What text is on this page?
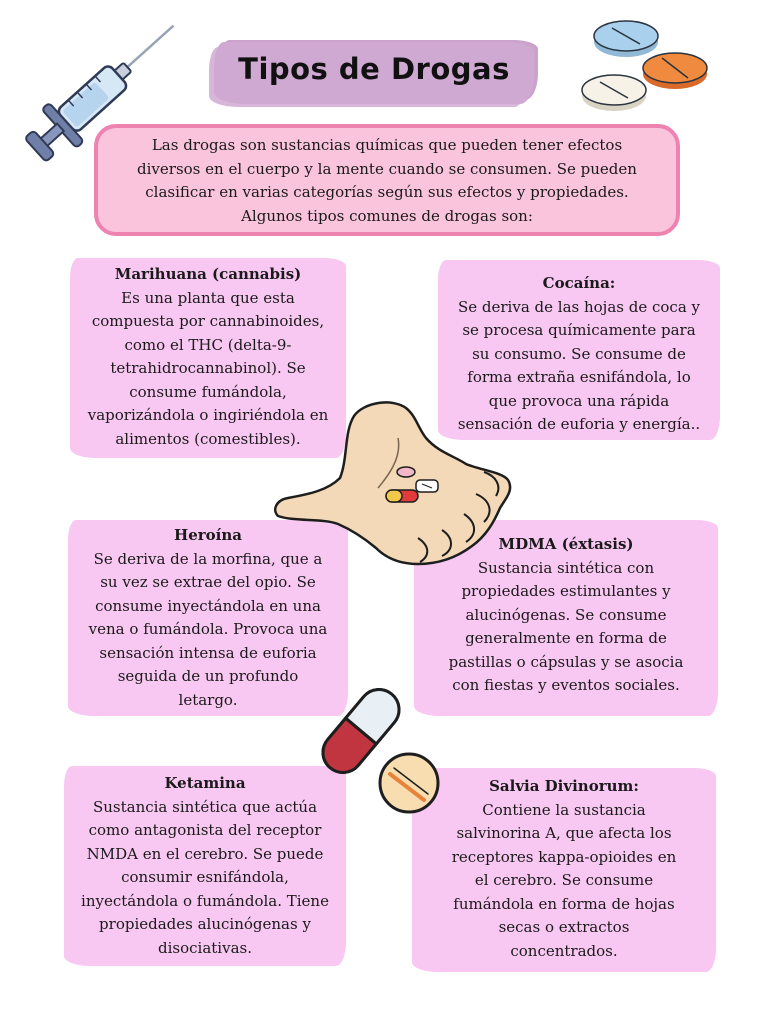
Tipos de Drogas
Las drogas son sustancias químicas que pueden tener efectos
diversos en el cuerpo y la mente cuando se consumen. Se pueden
clasificar en varias categorías según sus efectos y propiedades.
Algunos tipos comunes de drogas son:
Marihuana (cannabis)
Es una planta que esta
compuesta por cannabinoides,
como el THC (delta-9-
tetrahidrocannabinol). Se
consume fumándola,
vaporizándola o ingiriéndola en
alimentos (comestibles).
Cocaína:
Se deriva de las hojas de coca y
se procesa químicamente para
su consumo. Se consume de
forma extraña esnifándola, lo
que provoca una rápida
sensación de euforia y energía..
Heroína
Se deriva de la morfina, que a
su vez se extrae del opio. Se
consume inyectándola en una
vena o fumándola. Provoca una
sensación intensa de euforia
seguida de un profundo
letargo.
MDMA (éxtasis)
Sustancia sintética con
propiedades estimulantes y
alucinógenas. Se consume
generalmente en forma de
pastillas o cápsulas y se asocia
con fiestas y eventos sociales.
Ketamina
Sustancia sintética que actúa
como antagonista del receptor
NMDA en el cerebro. Se puede
consumir esnifándola,
inyectándola o fumándola. Tiene
propiedades alucinógenas y
disociativas.
Salvia Divinorum:
Contiene la sustancia
salvinorina A, que afecta los
receptores kappa-opioides en
el cerebro. Se consume
fumándola en forma de hojas
secas o extractos
concentrados.
